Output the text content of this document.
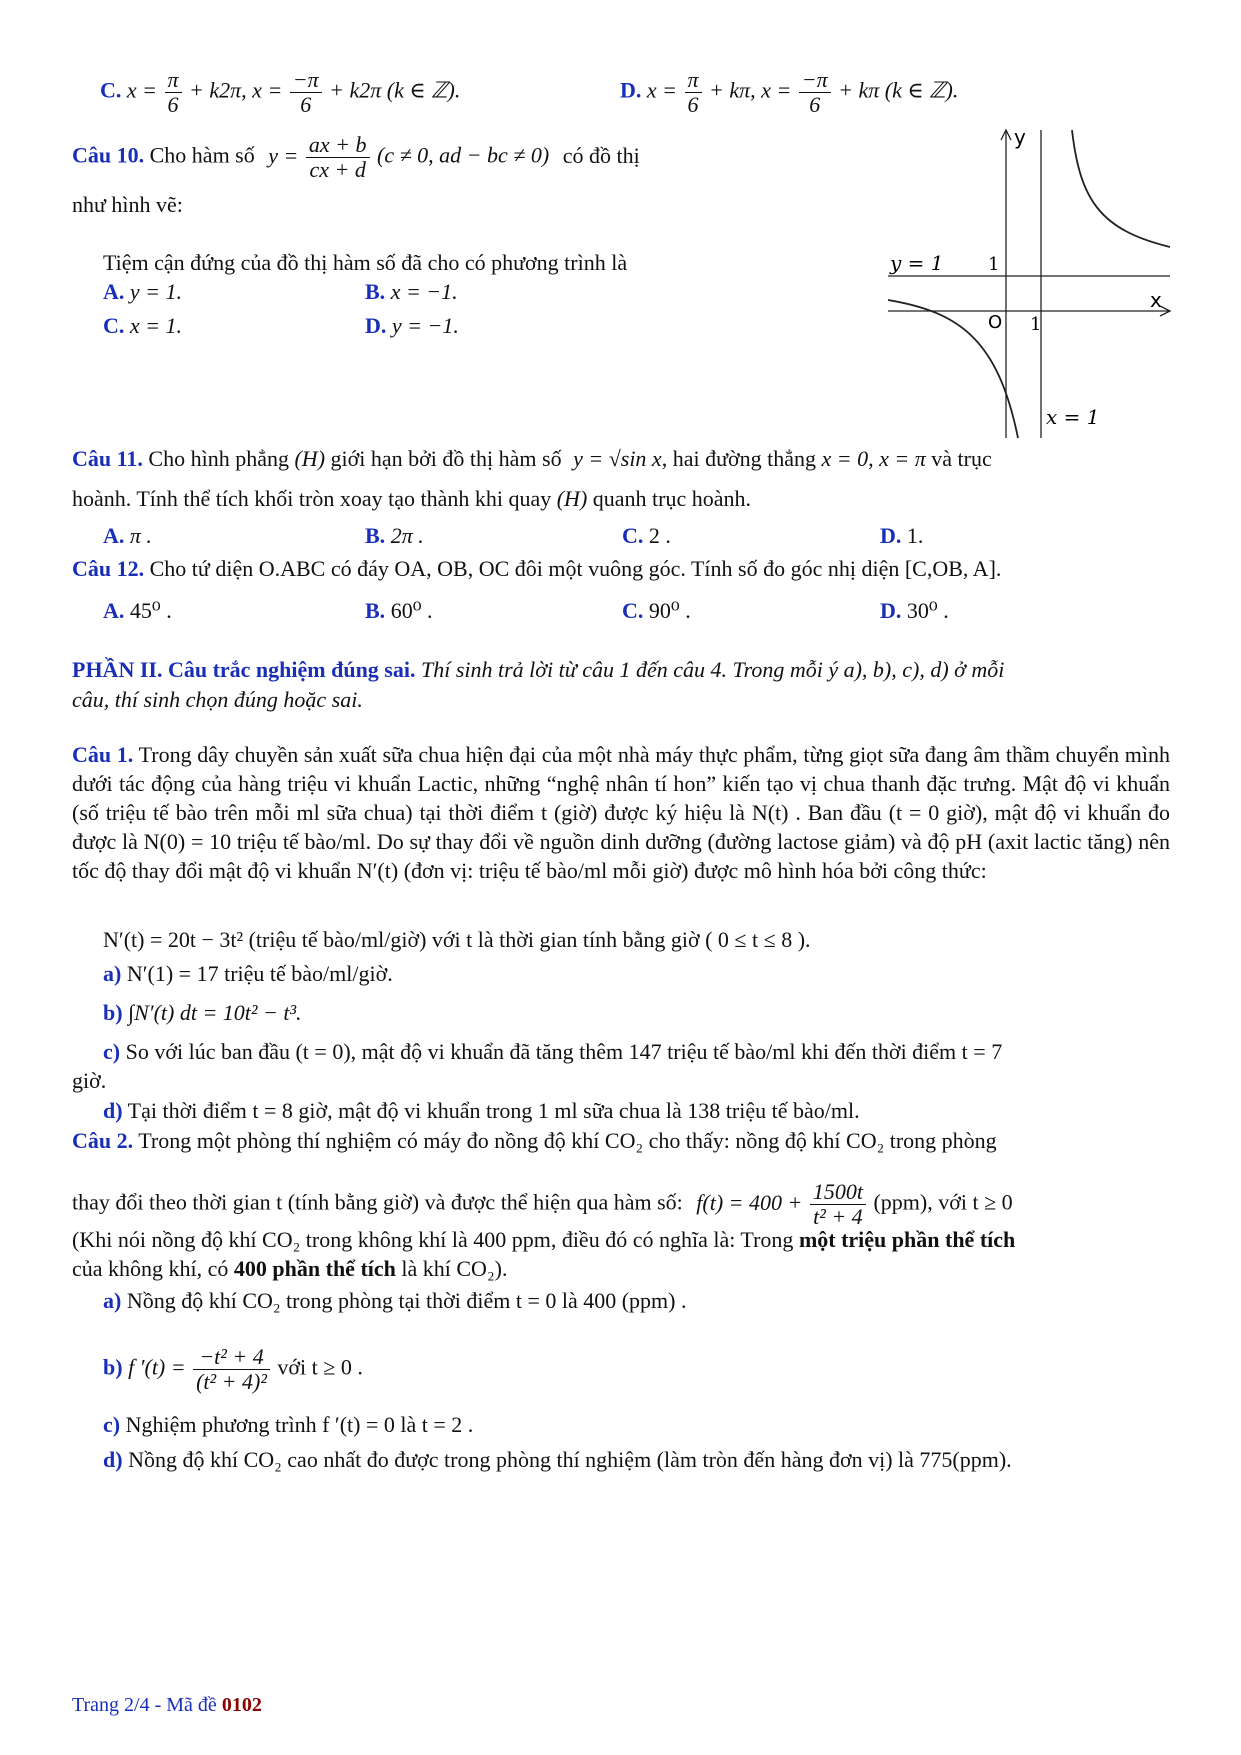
C. $x = \frac{\pi}{6} + k2\pi$, $x = \frac{-\pi}{6} + k2\pi$ (k ∈ ℤ).	D. $x = \frac{\pi}{6} + k\pi$, $x = \frac{-\pi}{6} + k\pi$ (k ∈ ℤ).
Câu 10. Cho hàm số $y = \frac{ax + b}{cx + d} (c \ne 0$, ad − bc ≠ 0) có đồ thị
như hình vẽ:
Tiệm cận đứng của đồ thị hàm số đã cho có phương trình là
A. y = 1.	B. x = −1.
C. x = 1.	D. y = −1.
y
x
O
y = 1 1
1
x = 1
Câu 11. Cho hình phẳng (H) giới hạn bởi đồ thị hàm số y = √sin x, hai đường thẳng x = 0, x = π và trục
hoành. Tính thể tích khối tròn xoay tạo thành khi quay (H) quanh trục hoành.
A. π .	B. 2π .	C. 2 .	D. 1.
Câu 12. Cho tứ diện O.ABC có đáy OA, OB, OC đôi một vuông góc. Tính số đo góc nhị diện [C,OB, A].
A. 45⁰ .	B. 60⁰ .	C. 90⁰ .	D. 30⁰ .
PHẦN II. Câu trắc nghiệm đúng sai. Thí sinh trả lời từ câu 1 đến câu 4. Trong mỗi ý a), b), c), d) ở mỗi
câu, thí sinh chọn đúng hoặc sai.
Câu 1. Trong dây chuyền sản xuất sữa chua hiện đại của một nhà máy thực phẩm, từng giọt sữa đang âm thầm chuyển mình dưới tác động của hàng triệu vi khuẩn Lactic, những “nghệ nhân tí hon” kiến tạo vị chua thanh đặc trưng. Mật độ vi khuẩn (số triệu tế bào trên mỗi ml sữa chua) tại thời điểm t (giờ) được ký hiệu là N(t) . Ban đầu (t = 0 giờ), mật độ vi khuẩn đo được là N(0) = 10 triệu tế bào/ml. Do sự thay đổi về nguồn dinh dưỡng (đường lactose giảm) và độ pH (axit lactic tăng) nên tốc độ thay đổi mật độ vi khuẩn N′(t) (đơn vị: triệu tế bào/ml mỗi giờ) được mô hình hóa bởi công thức:
N′(t) = 20t − 3t² (triệu tế bào/ml/giờ) với t là thời gian tính bằng giờ ( 0 ≤ t ≤ 8 ).
a) N′(1) = 17 triệu tế bào/ml/giờ.
b) ∫N′(t) dt = 10t² − t³.
c) So với lúc ban đầu (t = 0), mật độ vi khuẩn đã tăng thêm 147 triệu tế bào/ml khi đến thời điểm t = 7
giờ.
d) Tại thời điểm t = 8 giờ, mật độ vi khuẩn trong 1 ml sữa chua là 138 triệu tế bào/ml.
Câu 2. Trong một phòng thí nghiệm có máy đo nồng độ khí CO₂ cho thấy: nồng độ khí CO₂ trong phòng
thay đổi theo thời gian t (tính bằng giờ) và được thể hiện qua hàm số: $f(t) = 400 + \frac{1500t}{\text{t² + 4}} (ppm)$, với t ≥ 0
(Khi nói nồng độ khí CO₂ trong không khí là 400 ppm, điều đó có nghĩa là: Trong một triệu phần thể tích
của không khí, có 400 phần thể tích là khí CO₂).
a) Nồng độ khí CO₂ trong phòng tại thời điểm t = 0 là 400 (ppm) .
b) f $'(t) = \frac{\text{−t² + 4}}{\text{(t² + 4)²}}$ với t ≥ 0 .
c) Nghiệm phương trình f ′(t) = 0 là t = 2 .
d) Nồng độ khí CO₂ cao nhất đo được trong phòng thí nghiệm (làm tròn đến hàng đơn vị) là 775(ppm).
Trang 2/4 - Mã đề 0102
